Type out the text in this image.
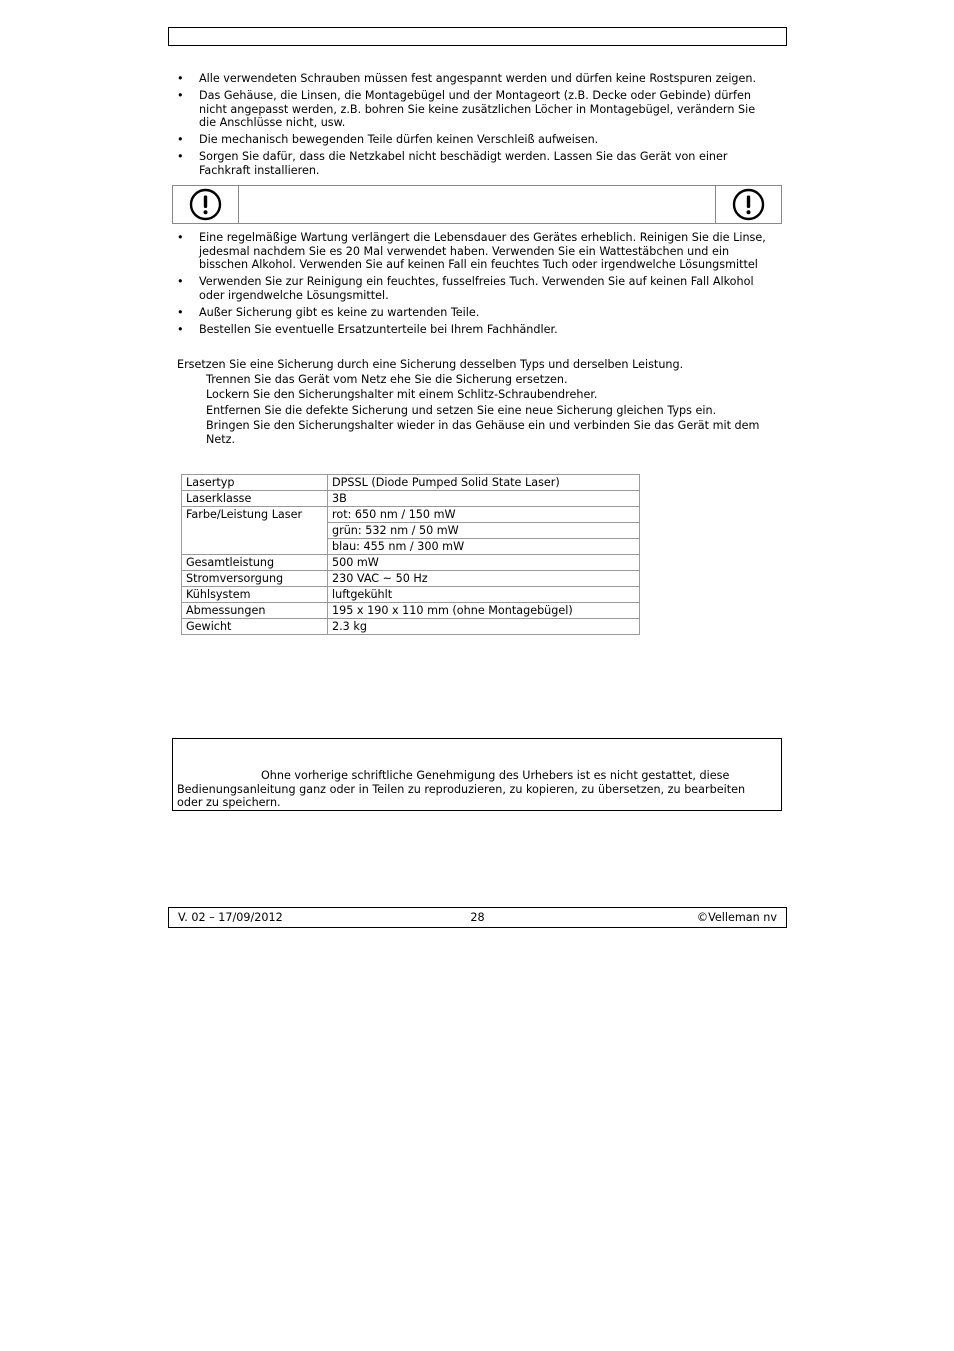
• Alle verwendeten Schrauben müssen fest angespannt werden und dürfen keine Rostspuren zeigen.
• Das Gehäuse, die Linsen, die Montagebügel und der Montageort (z.B. Decke oder Gebinde) dürfen nicht angepasst werden, z.B. bohren Sie keine zusätzlichen Löcher in Montagebügel, verändern Sie die Anschlüsse nicht, usw.
• Die mechanisch bewegenden Teile dürfen keinen Verschleiß aufweisen.
• Sorgen Sie dafür, dass die Netzkabel nicht beschädigt werden. Lassen Sie das Gerät von einer Fachkraft installieren.
• Eine regelmäßige Wartung verlängert die Lebensdauer des Gerätes erheblich. Reinigen Sie die Linse, jedesmal nachdem Sie es 20 Mal verwendet haben. Verwenden Sie ein Wattestäbchen und ein bisschen Alkohol. Verwenden Sie auf keinen Fall ein feuchtes Tuch oder irgendwelche Lösungsmittel
• Verwenden Sie zur Reinigung ein feuchtes, fusselfreies Tuch. Verwenden Sie auf keinen Fall Alkohol oder irgendwelche Lösungsmittel.
• Außer Sicherung gibt es keine zu wartenden Teile.
• Bestellen Sie eventuelle Ersatzunterteile bei Ihrem Fachhändler.
Ersetzen Sie eine Sicherung durch eine Sicherung desselben Typs und derselben Leistung.
Trennen Sie das Gerät vom Netz ehe Sie die Sicherung ersetzen.
Lockern Sie den Sicherungshalter mit einem Schlitz-Schraubendreher.
Entfernen Sie die defekte Sicherung und setzen Sie eine neue Sicherung gleichen Typs ein.
Bringen Sie den Sicherungshalter wieder in das Gehäuse ein und verbinden Sie das Gerät mit dem Netz.
Lasertyp	DPSSL (Diode Pumped Solid State Laser)
Laserklasse	3B
Farbe/Leistung Laser	rot: 650 nm / 150 mW
	grün: 532 nm / 50 mW
	blau: 455 nm / 300 mW
Gesamtleistung	500 mW
Stromversorgung	230 VAC ~ 50 Hz
Kühlsystem	luftgekühlt
Abmessungen	195 x 190 x 110 mm (ohne Montagebügel)
Gewicht	2.3 kg
Ohne vorherige schriftliche Genehmigung des Urhebers ist es nicht gestattet, diese Bedienungsanleitung ganz oder in Teilen zu reproduzieren, zu kopieren, zu übersetzen, zu bearbeiten oder zu speichern.
28
V. 02 – 17/09/2012	©Velleman nv
